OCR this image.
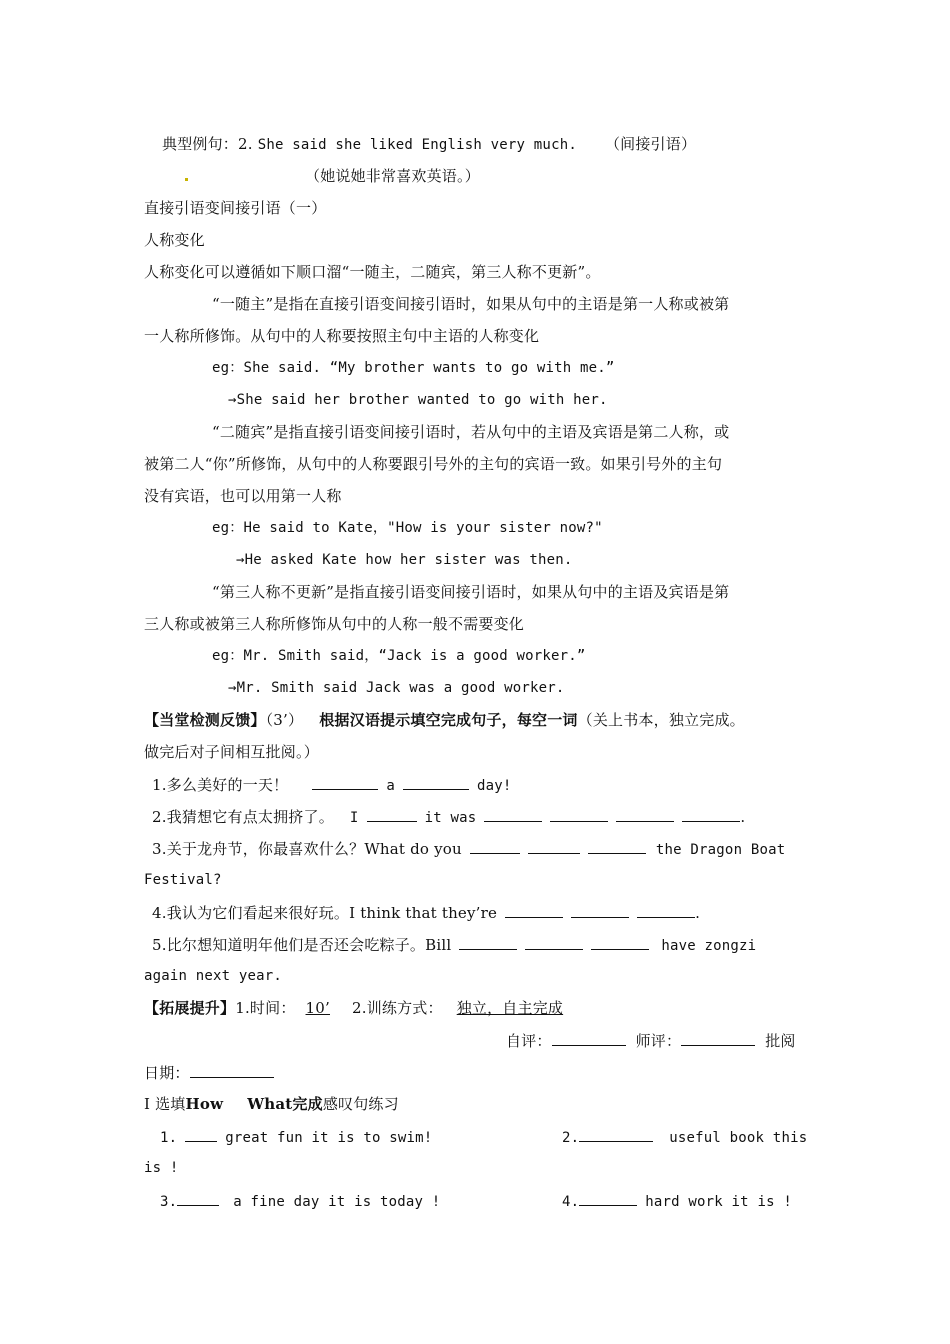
典型例句：2. She said she liked English very much. （间接引语）
（她说她非常喜欢英语。）
直接引语变间接引语（一）
人称变化
人称变化可以遵循如下顺口溜“一随主，二随宾，第三人称不更新”。
“一随主”是指在直接引语变间接引语时，如果从句中的主语是第一人称或被第
一人称所修饰。从句中的人称要按照主句中主语的人称变化
eg：She said. “My brother wants to go with me.”
→She said her brother wanted to go with her.
“二随宾”是指直接引语变间接引语时，若从句中的主语及宾语是第二人称，或
被第二人“你”所修饰，从句中的人称要跟引号外的主句的宾语一致。如果引号外的主句
没有宾语，也可以用第一人称
eg：He said to Kate，"How is your sister now?"
→He asked Kate how her sister was then.
“第三人称不更新”是指直接引语变间接引语时，如果从句中的主语及宾语是第
三人称或被第三人称所修饰从句中的人称一般不需要变化
eg：Mr. Smith said，“Jack is a good worker.”
→Mr. Smith said Jack was a good worker.
【当堂检测反馈】（3’） 根据汉语提示填空完成句子，每空一词（关上书本，独立完成。
做完后对子间相互批阅。）
1.多么美好的一天！	a	day!
2.我猜想它有点太拥挤了。 I	it was	.
3.关于龙舟节，你最喜欢什么？What do you	the Dragon Boat
Festival?
4.我认为它们看起来很好玩。I think that they’re	.
5.比尔想知道明年他们是否还会吃粽子。Bill	have zongzi
again next year.
【拓展提升】1.时间： 10’ 2.训练方式： 独立，自主完成
自评：	师评：	批阅
日期：
I 选填How What完成感叹句练习
1.	great fun it is to swim!	2.	useful book this
is !
3.	a fine day it is today !	4.	hard work it is !
